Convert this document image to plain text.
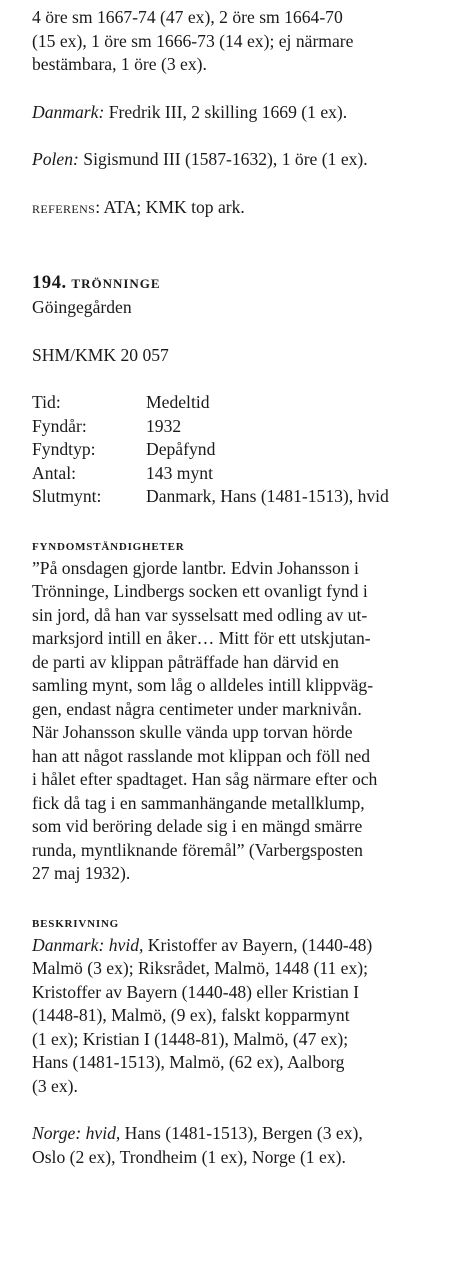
4 öre sm 1667-74 (47 ex), 2 öre sm 1664-70
(15 ex), 1 öre sm 1666-73 (14 ex); ej närmare
bestämbara, 1 öre (3 ex).

Danmark: Fredrik III, 2 skilling 1669 (1 ex).

Polen: Sigismund III (1587-1632), 1 öre (1 ex).

referens: ATA; KMK top ark.

194. trönninge

Göingegården

SHM/KMK 20 057

Tid:	Medeltid
Fyndår:	1932
Fyndtyp:	Depåfynd
Antal:	143 mynt
Slutmynt:	Danmark, Hans (1481-1513), hvid

fyndomständigheter

”På onsdagen gjorde lantbr. Edvin Johansson i
Trönninge, Lindbergs socken ett ovanligt fynd i
sin jord, då han var sysselsatt med odling av ut-
marksjord intill en åker… Mitt för ett utskjutan-
de parti av klippan påträffade han därvid en
samling mynt, som låg o alldeles intill klippväg-
gen, endast några centimeter under marknivån.
När Johansson skulle vända upp torvan hörde
han att något rasslande mot klippan och föll ned
i hålet efter spadtaget. Han såg närmare efter och
fick då tag i en sammanhängande metallklump,
som vid beröring delade sig i en mängd smärre
runda, myntliknande föremål” (Varbergsposten
27 maj 1932).

beskrivning

Danmark: hvid, Kristoffer av Bayern, (1440-48)
Malmö (3 ex); Riksrådet, Malmö, 1448 (11 ex);
Kristoffer av Bayern (1440-48) eller Kristian I
(1448-81), Malmö, (9 ex), falskt kopparmynt
(1 ex); Kristian I (1448-81), Malmö, (47 ex);
Hans (1481-1513), Malmö, (62 ex), Aalborg
(3 ex).

Norge: hvid, Hans (1481-1513), Bergen (3 ex),
Oslo (2 ex), Trondheim (1 ex), Norge (1 ex).
